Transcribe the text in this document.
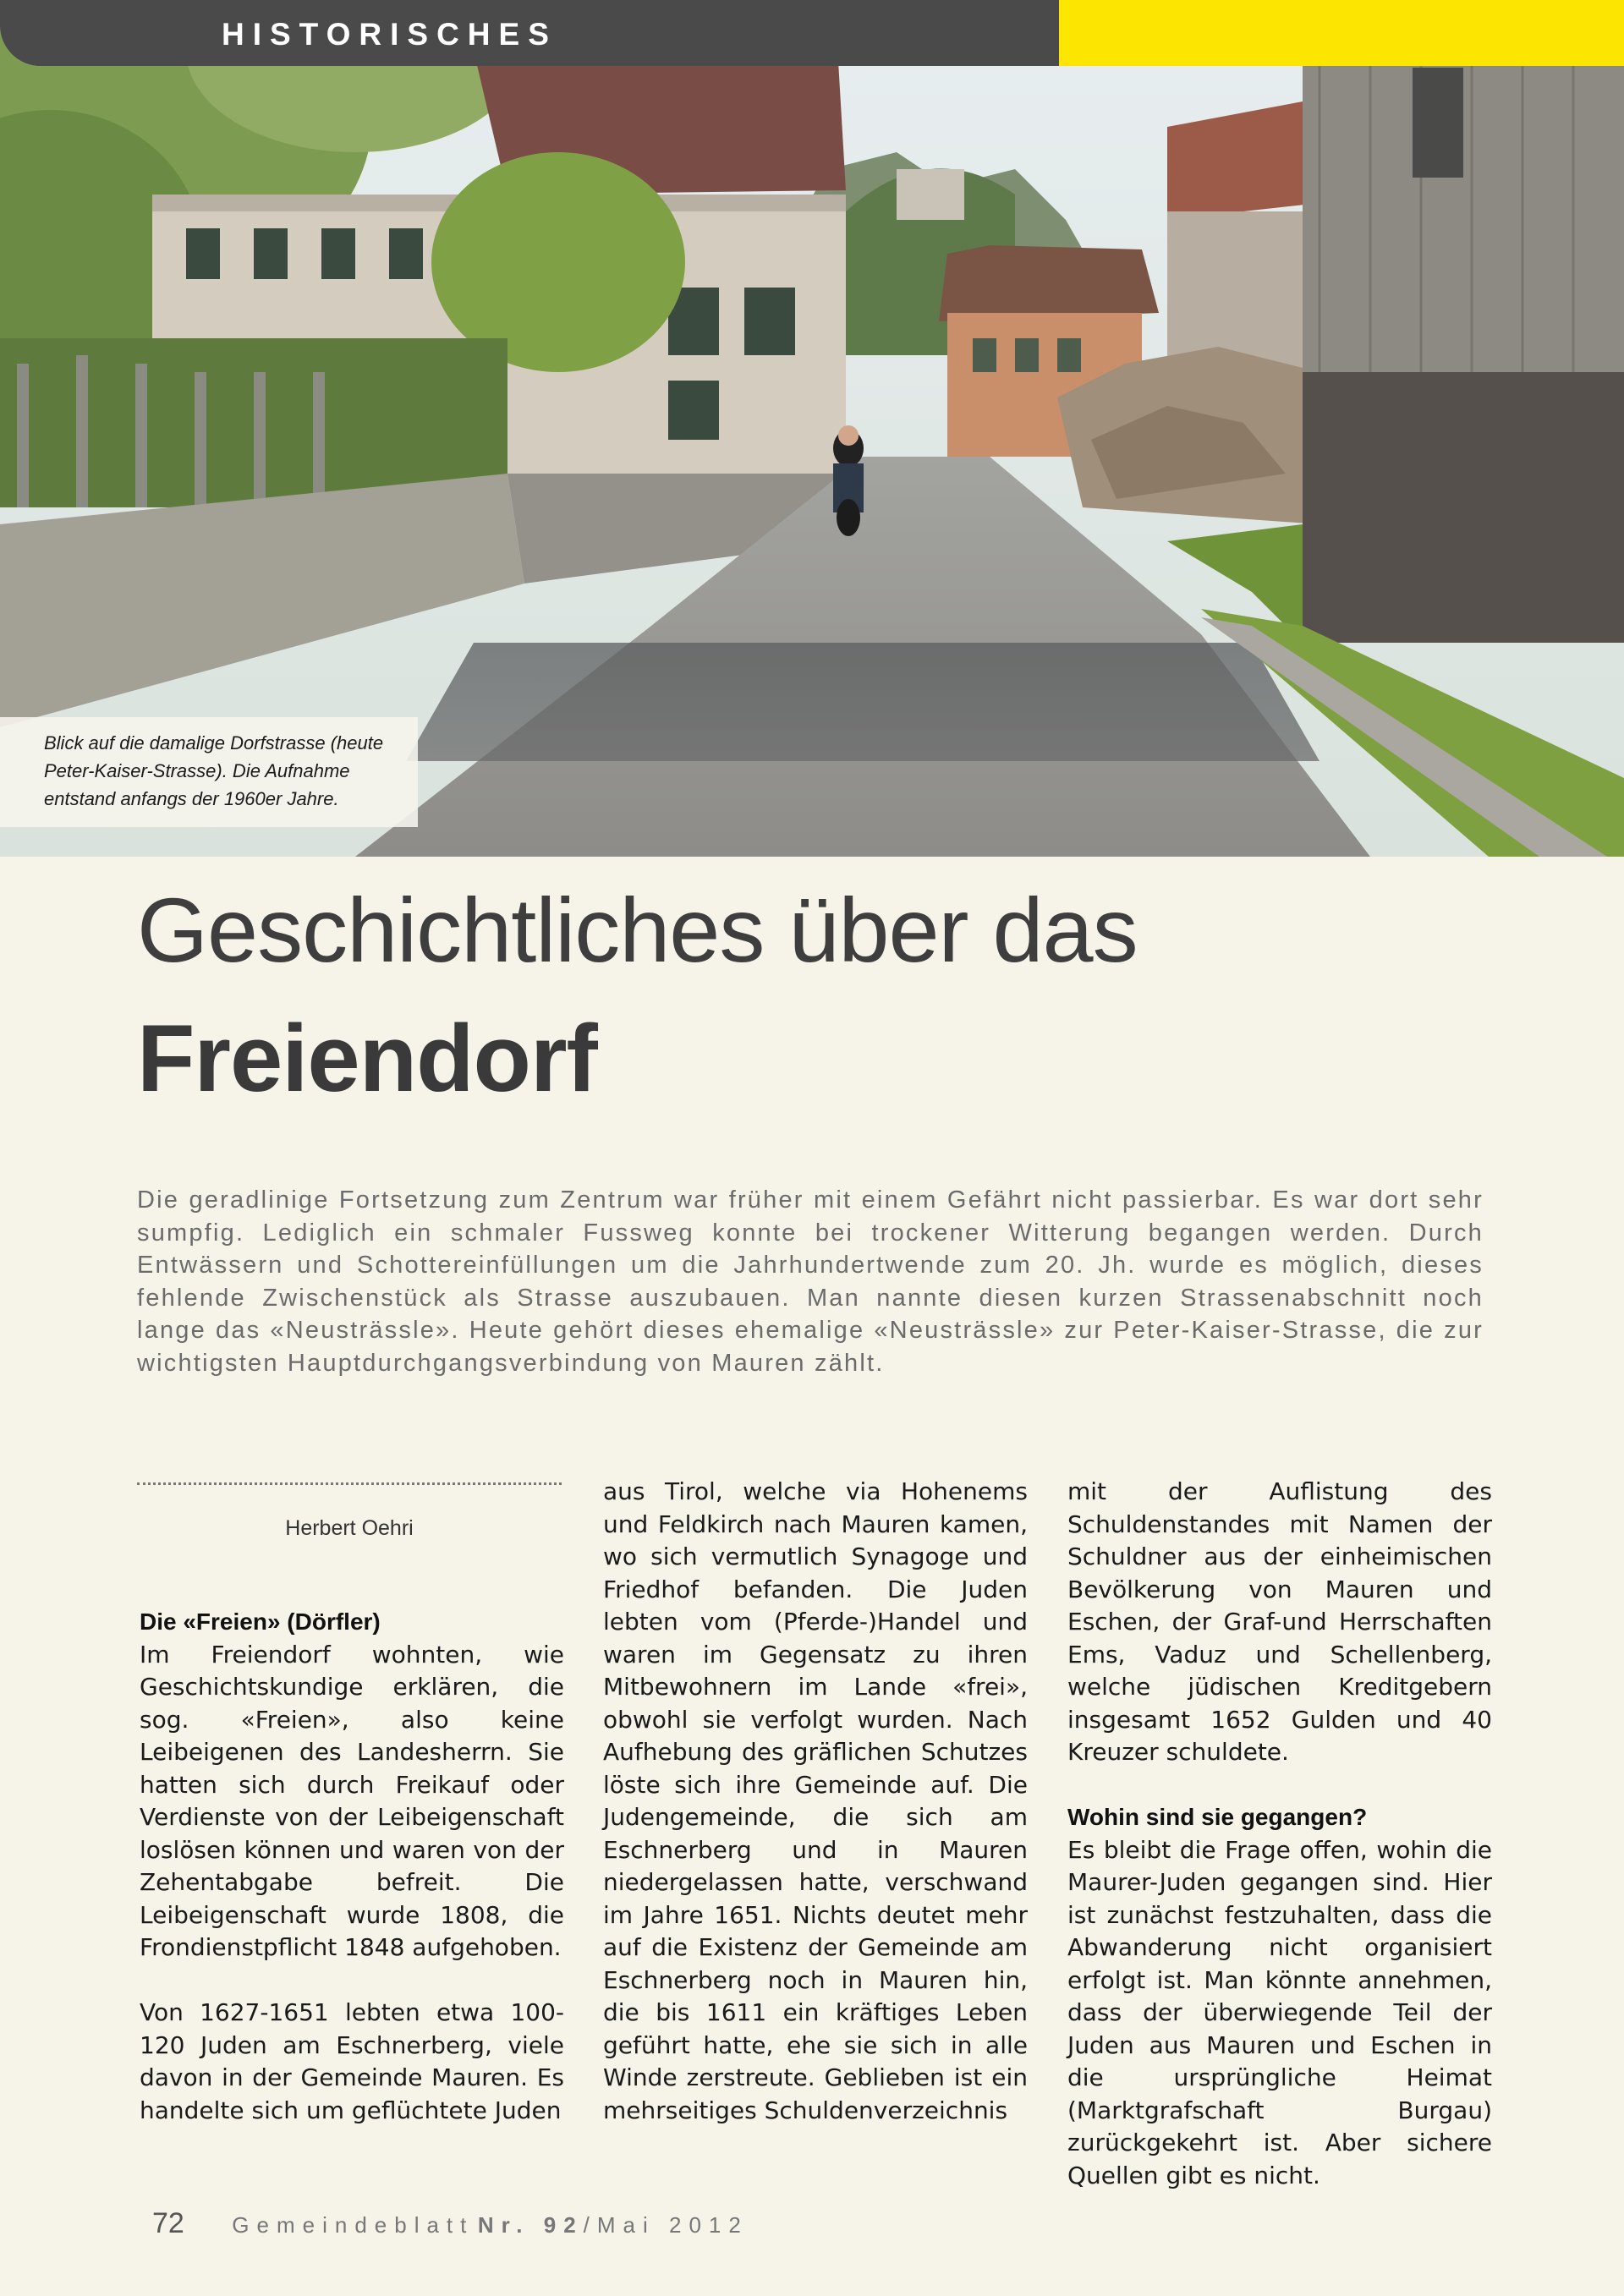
HISTORISCHES

Blick auf die damalige Dorfstrasse (heute Peter-Kaiser-Strasse). Die Aufnahme entstand anfangs der 1960er Jahre.

Geschichtliches über das
Freiendorf

Die geradlinige Fortsetzung zum Zentrum war früher mit einem Gefährt nicht passierbar. Es war dort sehr sumpfig. Lediglich ein schmaler Fussweg konnte bei trockener Witterung begangen werden. Durch Entwässern und Schottereinfüllungen um die Jahrhundertwende zum 20. Jh. wurde es möglich, dieses fehlende Zwischenstück als Strasse auszubauen. Man nannte diesen kurzen Strassenabschnitt noch lange das «Neusträssle». Heute gehört dieses ehemalige «Neusträssle» zur Peter-Kaiser-Strasse, die zur wichtigsten Hauptdurchgangsverbindung von Mauren zählt.

Herbert Oehri
Die «Freien» (Dörfler)

Im Freiendorf wohnten, wie Geschichtskundige erklären, die sog. «Freien», also keine Leibeigenen des Landesherrn. Sie hatten sich durch Freikauf oder Verdienste von der Leibeigenschaft loslösen können und waren von der Zehentabgabe befreit. Die Leibeigenschaft wurde 1808, die Frondienstpflicht 1848 aufgehoben.

Von 1627-1651 lebten etwa 100-120 Juden am Eschnerberg, viele davon in der Gemeinde Mauren. Es handelte sich um geflüchtete Juden

aus Tirol, welche via Hohenems und Feldkirch nach Mauren kamen, wo sich vermutlich Synagoge und Friedhof befanden. Die Juden lebten vom (Pferde-)Handel und waren im Gegensatz zu ihren Mitbewohnern im Lande «frei», obwohl sie verfolgt wurden. Nach Aufhebung des gräflichen Schutzes löste sich ihre Gemeinde auf. Die Judengemeinde, die sich am Eschnerberg und in Mauren niedergelassen hatte, verschwand im Jahre 1651. Nichts deutet mehr auf die Existenz der Gemeinde am Eschnerberg noch in Mauren hin, die bis 1611 ein kräftiges Leben geführt hatte, ehe sie sich in alle Winde zerstreute. Geblieben ist ein mehrseitiges Schuldenverzeichnis

mit der Auflistung des Schuldenstandes mit Namen der Schuldner aus der einheimischen Bevölkerung von Mauren und Eschen, der Graf-und Herrschaften Ems, Vaduz und Schellenberg, welche jüdischen Kreditgebern insgesamt 1652 Gulden und 40 Kreuzer schuldete.

Wohin sind sie gegangen?

Es bleibt die Frage offen, wohin die Maurer-Juden gegangen sind. Hier ist zunächst festzuhalten, dass die Abwanderung nicht organisiert erfolgt ist. Man könnte annehmen, dass der überwiegende Teil der Juden aus Mauren und Eschen in die ursprüngliche Heimat (Marktgrafschaft Burgau) zurückgekehrt ist. Aber sichere Quellen gibt es nicht.

72 Gemeindeblatt Nr. 92/Mai 2012
